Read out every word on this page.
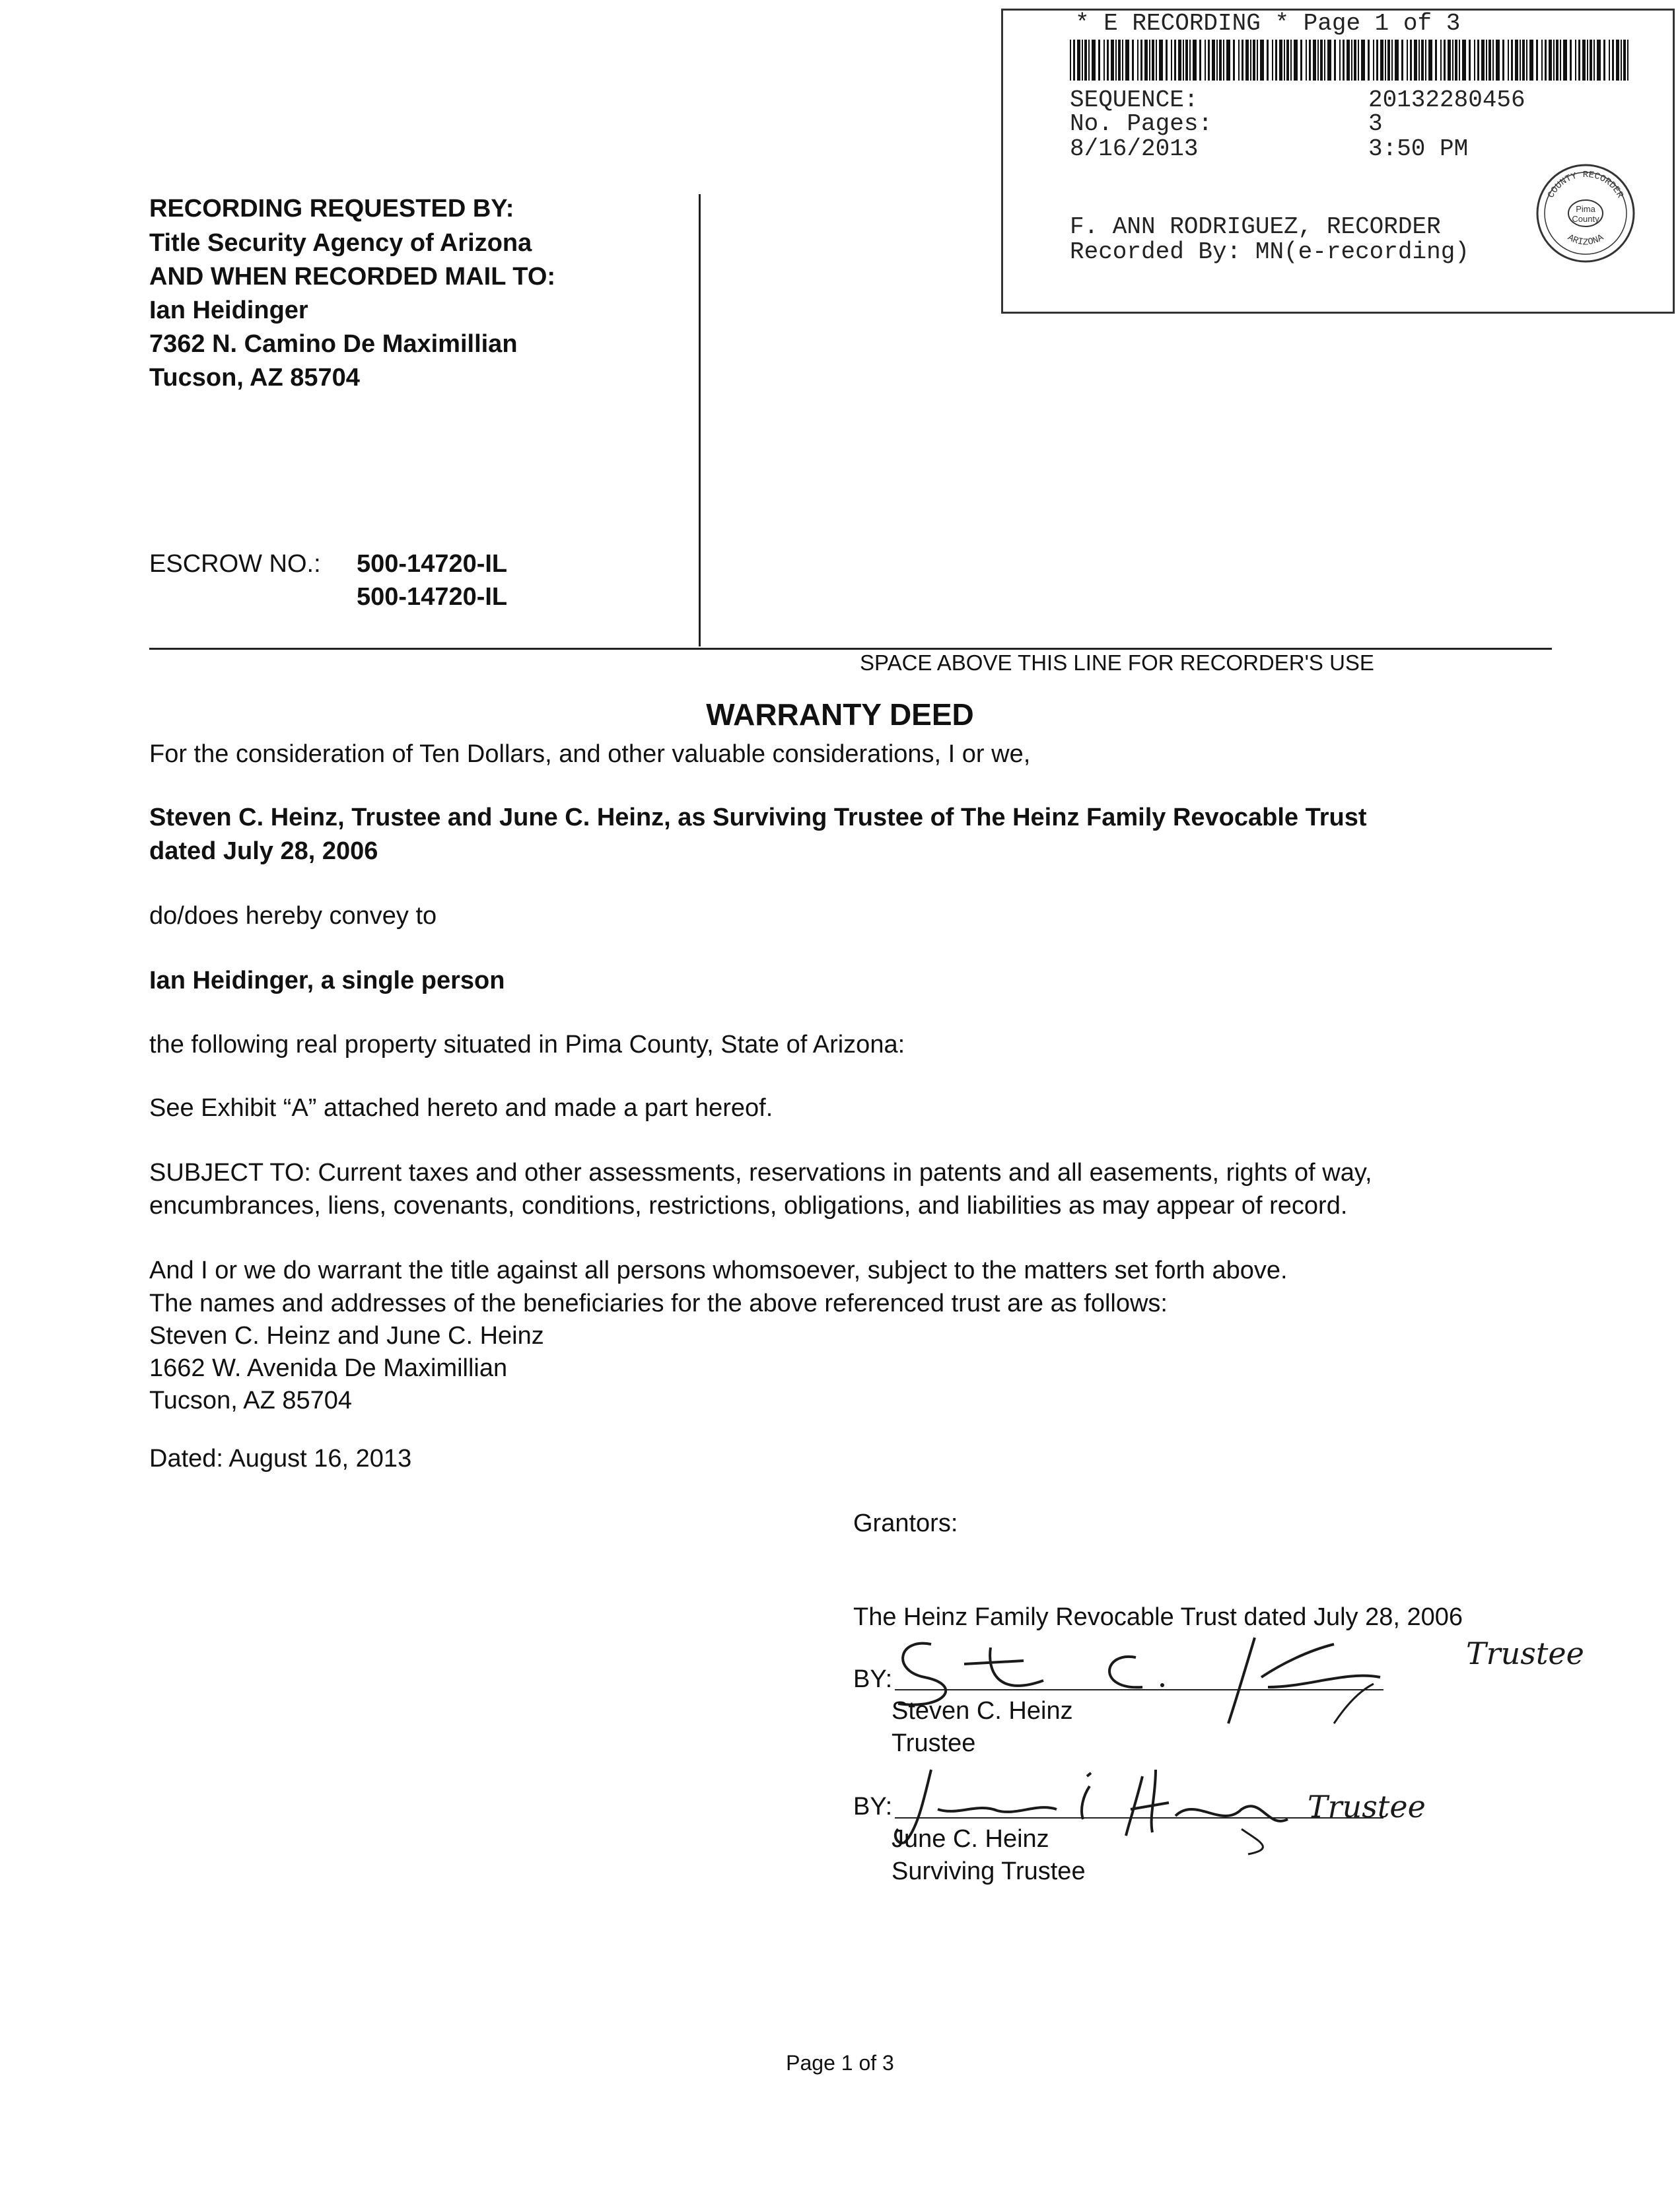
* E RECORDING * Page 1 of 3
SEQUENCE:	20132280456
No. Pages:	3
8/16/2013	3:50 PM
F. ANN RODRIGUEZ, RECORDER
Recorded By: MN(e-recording)
COUNTY RECORDER
ARIZONA
Pima
County
RECORDING REQUESTED BY:
Title Security Agency of Arizona
AND WHEN RECORDED MAIL TO:
Ian Heidinger
7362 N. Camino De Maximillian
Tucson, AZ 85704
ESCROW NO.: 500-14720-IL
500-14720-IL
SPACE ABOVE THIS LINE FOR RECORDER'S USE
WARRANTY DEED
For the consideration of Ten Dollars, and other valuable considerations, I or we,
Steven C. Heinz, Trustee and June C. Heinz, as Surviving Trustee of The Heinz Family Revocable Trust
dated July 28, 2006
do/does hereby convey to
Ian Heidinger, a single person
the following real property situated in Pima County, State of Arizona:
See Exhibit “A” attached hereto and made a part hereof.
SUBJECT TO: Current taxes and other assessments, reservations in patents and all easements, rights of way,
encumbrances, liens, covenants, conditions, restrictions, obligations, and liabilities as may appear of record.
And I or we do warrant the title against all persons whomsoever, subject to the matters set forth above.
The names and addresses of the beneficiaries for the above referenced trust are as follows:
Steven C. Heinz and June C. Heinz
1662 W. Avenida De Maximillian
Tucson, AZ 85704
Dated: August 16, 2013
Grantors:
The Heinz Family Revocable Trust dated July 28, 2006
BY:
Trustee
Steven C. Heinz
Trustee
BY:	Trustee
June C. Heinz
Surviving Trustee
Page 1 of 3
